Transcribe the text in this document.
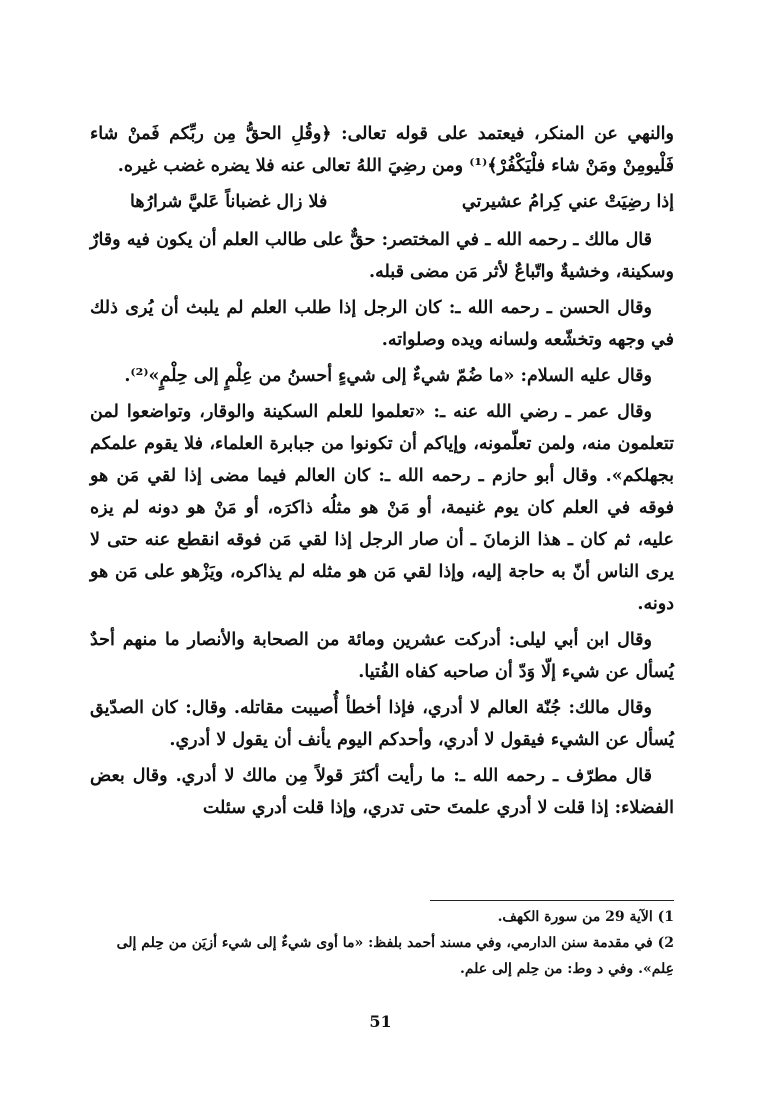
والنهي عن المنكر، فيعتمد على قوله تعالى: ﴿وقُلِ الحقُّ مِن ربِّكم فَمنْ شاء فَلْيومِنْ ومَنْ شاء فلْيَكْفُرْ﴾⁽¹⁾ ومن رضِيَ اللهُ تعالى عنه فلا يضره غضب غيره.

إذا رضِيَتْ عني كِرامُ عشيرتي
فلا زال غضباناً عَليَّ شرارُها

قال مالك ـ رحمه الله ـ في المختصر: حقٌّ على طالب العلم أن يكون فيه وقارٌ وسكينة، وخشيةٌ واتّباعٌ لأثر مَن مضى قبله.

وقال الحسن ـ رحمه الله ـ: كان الرجل إذا طلب العلم لم يلبث أن يُرى ذلك في وجهه وتخشّعه ولسانه ويده وصلواته.

وقال عليه السلام: «ما ضُمّ شيءٌ إلى شيءٍ أحسنُ من عِلْمٍ إلى حِلْمٍ»⁽²⁾.

وقال عمر ـ رضي الله عنه ـ: «تعلموا للعلم السكينة والوقار، وتواضعوا لمن تتعلمون منه، ولمن تعلّمونه، وإياكم أن تكونوا من جبابرة العلماء، فلا يقوم علمكم بجهلكم». وقال أبو حازم ـ رحمه الله ـ: كان العالم فيما مضى إذا لقي مَن هو فوقه في العلم كان يوم غنيمة، أو مَنْ هو مثلُه ذاكرَه، أو مَنْ هو دونه لم يزه عليه، ثم كان ـ هذا الزمانَ ـ أن صار الرجل إذا لقي مَن فوقه انقطع عنه حتى لا يرى الناس أنّ به حاجة إليه، وإذا لقي مَن هو مثله لم يذاكره، ويَزْهو على مَن هو دونه.

وقال ابن أبي ليلى: أدركت عشرين ومائة من الصحابة والأنصار ما منهم أحدٌ يُسأل عن شيء إلّا وَدّ أن صاحبه كفاه الفُتيا.

وقال مالك: جُنّة العالم لا أدري، فإذا أخطأ أُصيبت مقاتله. وقال: كان الصدّيق يُسأل عن الشيء فيقول لا أدري، وأحدكم اليوم يأنف أن يقول لا أدري.

قال مطرّف ـ رحمه الله ـ: ما رأيت أكثرَ قولاً مِن مالك لا أدري. وقال بعض الفضلاء: إذا قلت لا أدري علمتَ حتى تدري، وإذا قلت أدري سئلت

1) الآية 29 من سورة الكهف.

2) في مقدمة سنن الدارمي، وفي مسند أحمد بلفظ: «ما أوى شيءٌ إلى شيء أزيَن من حِلم إلى عِلم». وفي د وط: من حِلم إلى علم.

51
